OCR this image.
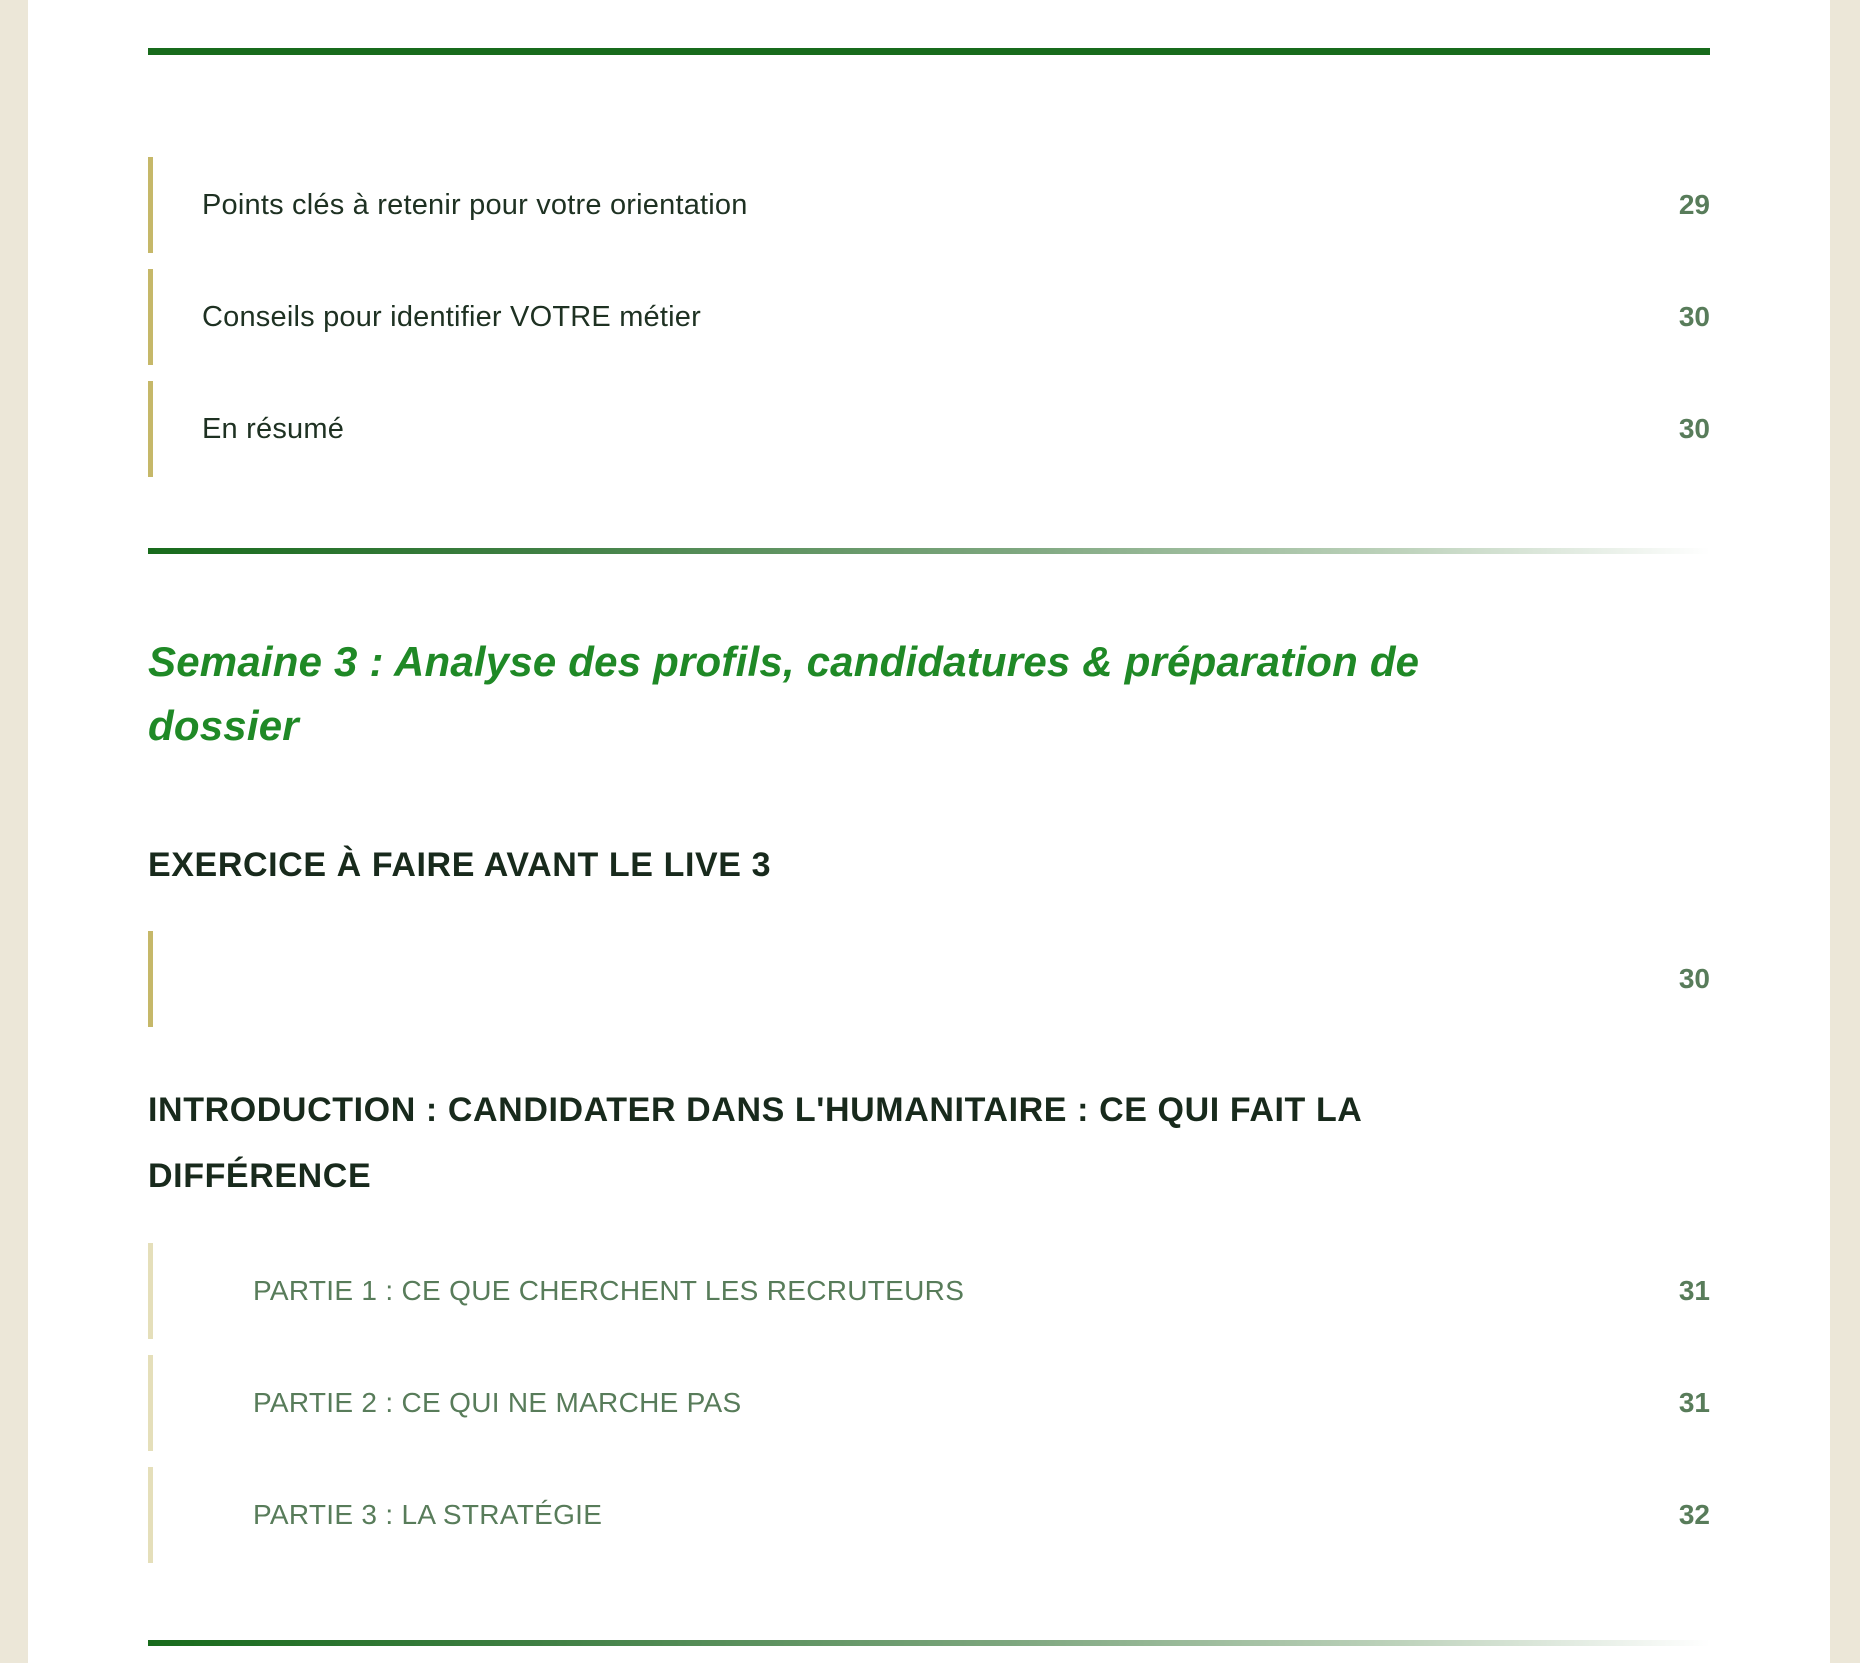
Points clés à retenir pour votre orientation	29
Conseils pour identifier VOTRE métier	30
En résumé	30
Semaine 3 : Analyse des profils, candidatures & préparation de
dossier
EXERCICE À FAIRE AVANT LE LIVE 3
30
INTRODUCTION : CANDIDATER DANS L'HUMANITAIRE : CE QUI FAIT LA
DIFFÉRENCE
PARTIE 1 : CE QUE CHERCHENT LES RECRUTEURS	31
PARTIE 2 : CE QUI NE MARCHE PAS	31
PARTIE 3 : LA STRATÉGIE	32
